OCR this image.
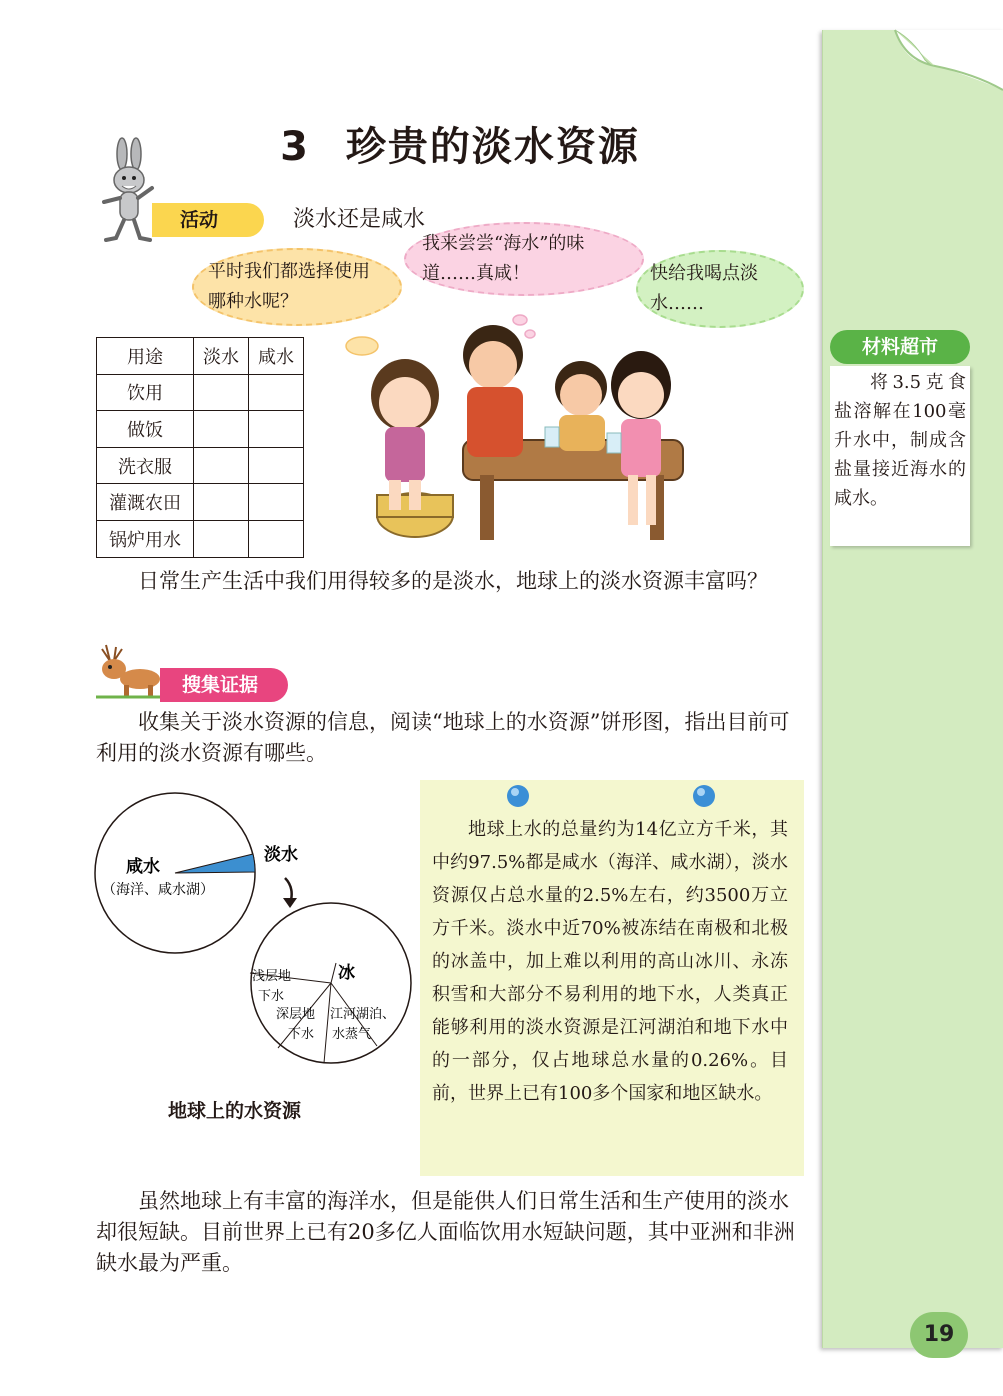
3 珍贵的淡水资源
活动	淡水还是咸水
平时我们都选择使用哪种水呢？
我来尝尝“海水”的味道……真咸！	快给我喝点淡水……
用途	淡水	咸水
饮用		
做饭		
洗衣服		
灌溉农田		
锅炉用水		
日常生产生活中我们用得较多的是淡水，地球上的淡水资源丰富吗？
搜集证据
收集关于淡水资源的信息，阅读“地球上的水资源”饼形图，指出目前可利用的淡水资源有哪些。
咸水
（海洋、咸水湖）
淡水
冰
浅层地
下水
深层地
下水
江河湖泊、
水蒸气
地球上的水资源
地球上水的总量约为14亿立方千米，其中约97.5%都是咸水（海洋、咸水湖），淡水资源仅占总水量的2.5%左右，约3500万立方千米。淡水中近70%被冻结在南极和北极的冰盖中，加上难以利用的高山冰川、永冻积雪和大部分不易利用的地下水，人类真正能够利用的淡水资源是江河湖泊和地下水中的一部分，仅占地球总水量的0.26%。目前，世界上已有100多个国家和地区缺水。
虽然地球上有丰富的海洋水，但是能供人们日常生活和生产使用的淡水却很短缺。目前世界上已有20多亿人面临饮用水短缺问题，其中亚洲和非洲缺水最为严重。
材料超市
将3.5克食盐溶解在100毫升水中，制成含盐量接近海水的咸水。
19
